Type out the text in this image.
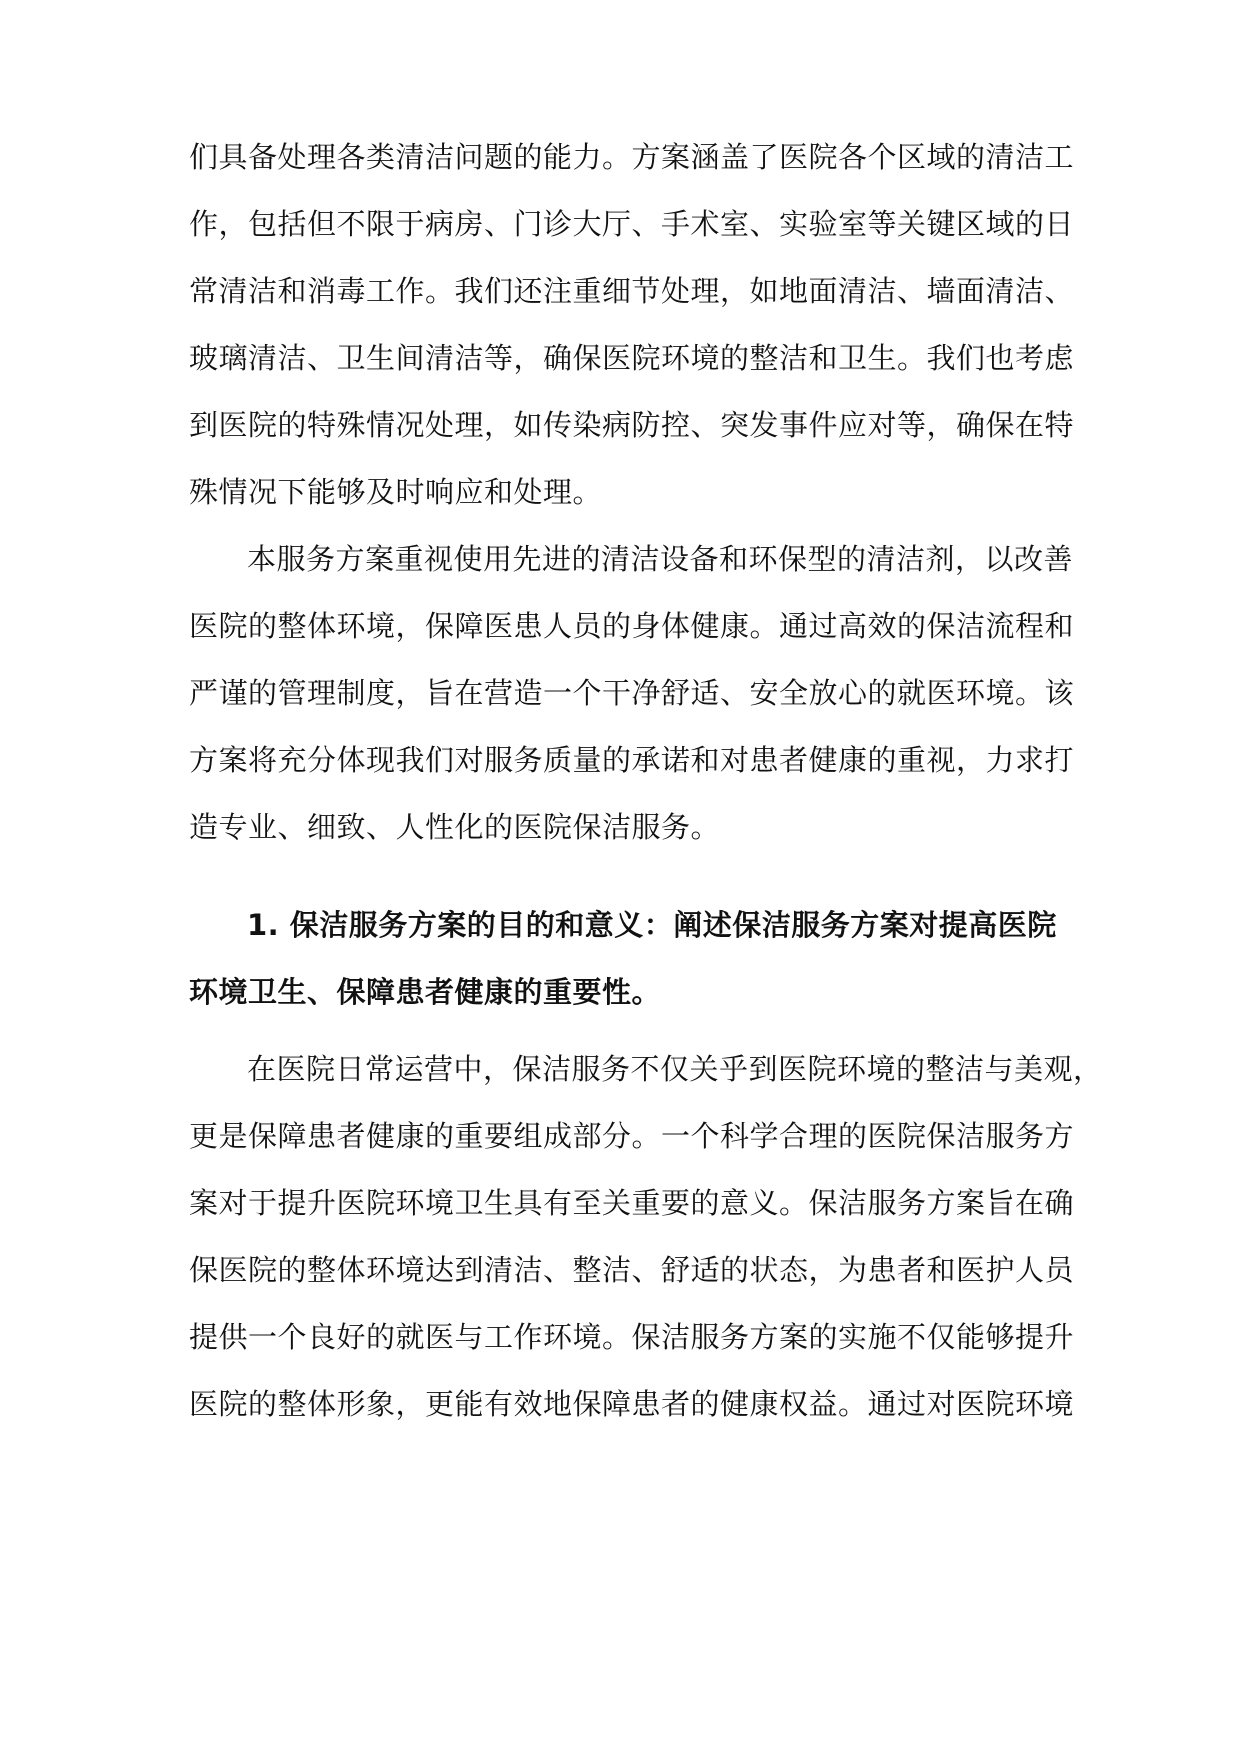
们具备处理各类清洁问题的能力。方案涵盖了医院各个区域的清洁工
作，包括但不限于病房、门诊大厅、手术室、实验室等关键区域的日
常清洁和消毒工作。我们还注重细节处理，如地面清洁、墙面清洁、
玻璃清洁、卫生间清洁等，确保医院环境的整洁和卫生。我们也考虑
到医院的特殊情况处理，如传染病防控、突发事件应对等，确保在特
殊情况下能够及时响应和处理。
本服务方案重视使用先进的清洁设备和环保型的清洁剂，以改善
医院的整体环境，保障医患人员的身体健康。通过高效的保洁流程和
严谨的管理制度，旨在营造一个干净舒适、安全放心的就医环境。该
方案将充分体现我们对服务质量的承诺和对患者健康的重视，力求打
造专业、细致、人性化的医院保洁服务。
1. 保洁服务方案的目的和意义：阐述保洁服务方案对提高医院
环境卫生、保障患者健康的重要性。
在医院日常运营中，保洁服务不仅关乎到医院环境的整洁与美观，
更是保障患者健康的重要组成部分。一个科学合理的医院保洁服务方
案对于提升医院环境卫生具有至关重要的意义。保洁服务方案旨在确
保医院的整体环境达到清洁、整洁、舒适的状态，为患者和医护人员
提供一个良好的就医与工作环境。保洁服务方案的实施不仅能够提升
医院的整体形象，更能有效地保障患者的健康权益。通过对医院环境
